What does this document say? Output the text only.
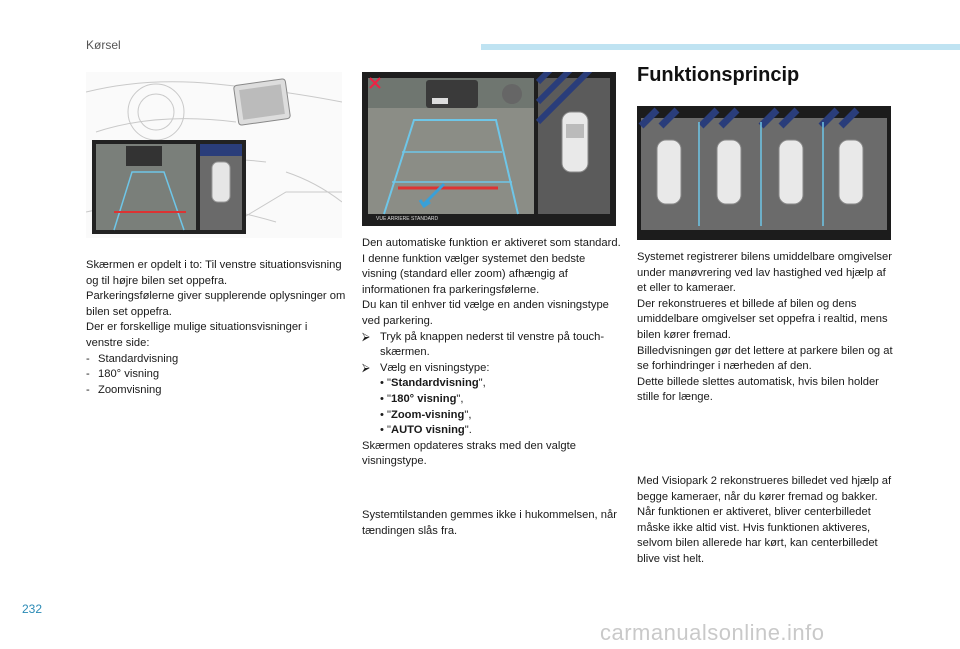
Kørsel
VUE ARRIERE STANDARD

Skærmen er opdelt i to: Til venstre situationsvisning og til højre bilen set oppefra.

Parkeringsfølerne giver supplerende oplysninger om bilen set oppefra.

Der er forskellige mulige situationsvisninger i venstre side:

- Standardvisning
- 180° visning
- Zoomvisning

Den automatiske funktion er aktiveret som standard.

I denne funktion vælger systemet den bedste visning (standard eller zoom) afhængig af informationen fra parkeringsfølerne.

Du kan til enhver tid vælge en anden visningstype ved parkering.

⮚ Tryk på knappen nederst til venstre på touch-skærmen.

⮚ Vælg en visningstype:

• "Standardvisning",

• "180° visning",

• "Zoom-visning",

• "AUTO visning".

Skærmen opdateres straks med den valgte visningstype.

Systemtilstanden gemmes ikke i hukommelsen, når tændingen slås fra.

Funktionsprincip

Systemet registrerer bilens umiddelbare omgivelser under manøvrering ved lav hastighed ved hjælp af et eller to kameraer.

Der rekonstrueres et billede af bilen og dens umiddelbare omgivelser set oppefra i realtid, mens bilen kører fremad.

Billedvisningen gør det lettere at parkere bilen og at se forhindringer i nærheden af den.

Dette billede slettes automatisk, hvis bilen holder stille for længe.

Med Visiopark 2 rekonstrueres billedet ved hjælp af begge kameraer, når du kører fremad og bakker.

Når funktionen er aktiveret, bliver centerbilledet måske ikke altid vist. Hvis funktionen aktiveres, selvom bilen allerede har kørt, kan centerbilledet blive vist helt.

232
carmanualsonline.info
